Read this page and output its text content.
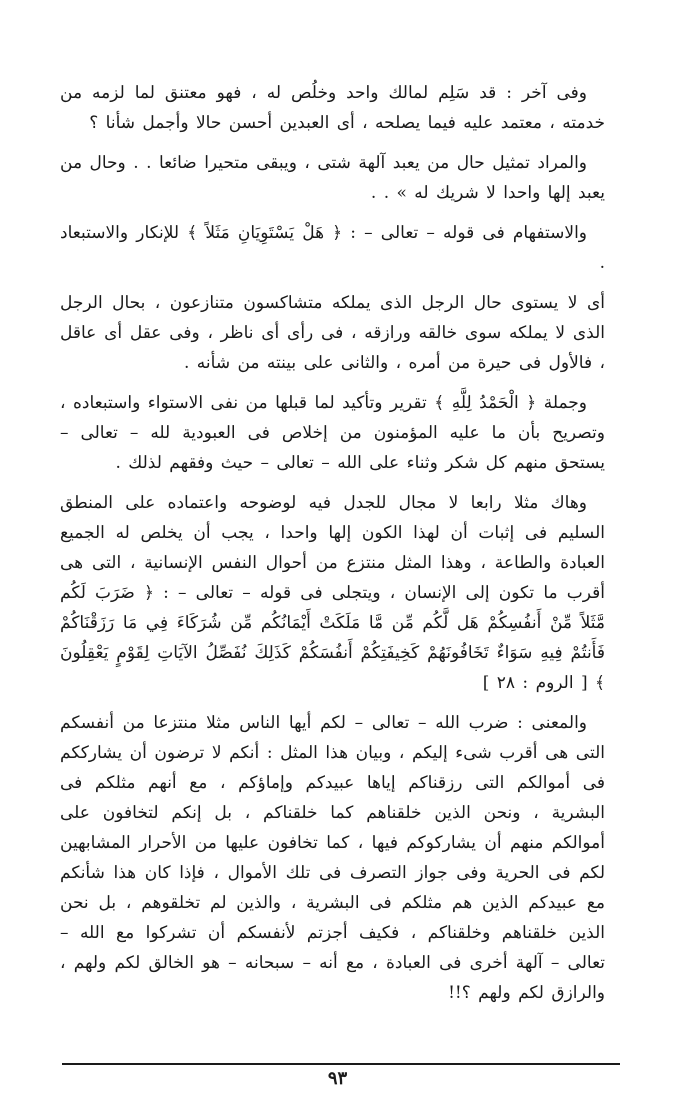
وفى آخر : قد سَلِم لمالك واحد وخلُص له ، فهو معتنق لما لزمه من خدمته ، معتمد عليه فيما يصلحه ، أى العبدين أحسن حالا وأجمل شأنا ؟

والمراد تمثيل حال من يعبد آلهة شتى ، ويبقى متحيرا ضائعا . . وحال من يعبد إلها واحدا لا شريك له » . .

والاستفهام فى قوله – تعالى – : ﴿ هَلْ يَسْتَوِيَانِ مَثَلاً ﴾ للإنكار والاستبعاد .

أى لا يستوى حال الرجل الذى يملكه متشاكسون متنازعون ، بحال الرجل الذى لا يملكه سوى خالقه ورازقه ، فى رأى أى ناظر ، وفى عقل أى عاقل ، فالأول فى حيرة من أمره ، والثانى على بينته من شأنه .

وجملة ﴿ الْحَمْدُ لِلَّهِ ﴾ تقرير وتأكيد لما قبلها من نفى الاستواء واستبعاده ، وتصريح بأن ما عليه المؤمنون من إخلاص فى العبودية لله – تعالى – يستحق منهم كل شكر وثناء على الله – تعالى – حيث وفقهم لذلك .

وهاك مثلا رابعا لا مجال للجدل فيه لوضوحه واعتماده على المنطق السليم فى إثبات أن لهذا الكون إلها واحدا ، يجب أن يخلص له الجميع العبادة والطاعة ، وهذا المثل منتزع من أحوال النفس الإنسانية ، التى هى أقرب ما تكون إلى الإنسان ، ويتجلى فى قوله – تعالى – : ﴿ ضَرَبَ لَكُم مَّثَلاً مِّنْ أَنفُسِكُمْ هَل لَّكُم مِّن مَّا مَلَكَتْ أَيْمَانُكُم مِّن شُرَكَاءَ فِي مَا رَزَقْنَاكُمْ فَأَنتُمْ فِيهِ سَوَاءٌ تَخَافُونَهُمْ كَخِيفَتِكُمْ أَنفُسَكُمْ كَذَلِكَ نُفَصِّلُ الآيَاتِ لِقَوْمٍ يَعْقِلُونَ ﴾ [ الروم : ٢٨ ]

والمعنى : ضرب الله – تعالى – لكم أيها الناس مثلا منتزعا من أنفسكم التى هى أقرب شىء إليكم ، وبيان هذا المثل : أنكم لا ترضون أن يشارككم فى أموالكم التى رزقناكم إياها عبيدكم وإماؤكم ، مع أنهم مثلكم فى البشرية ، ونحن الذين خلقناهم كما خلقناكم ، بل إنكم لتخافون على أموالكم منهم أن يشاركوكم فيها ، كما تخافون عليها من الأحرار المشابهين لكم فى الحرية وفى جواز التصرف فى تلك الأموال ، فإذا كان هذا شأنكم مع عبيدكم الذين هم مثلكم فى البشرية ، والذين لم تخلقوهم ، بل نحن الذين خلقناهم وخلقناكم ، فكيف أجزتم لأنفسكم أن تشركوا مع الله – تعالى – آلهة أخرى فى العبادة ، مع أنه – سبحانه – هو الخالق لكم ولهم ، والرازق لكم ولهم ؟!!

٩٣
